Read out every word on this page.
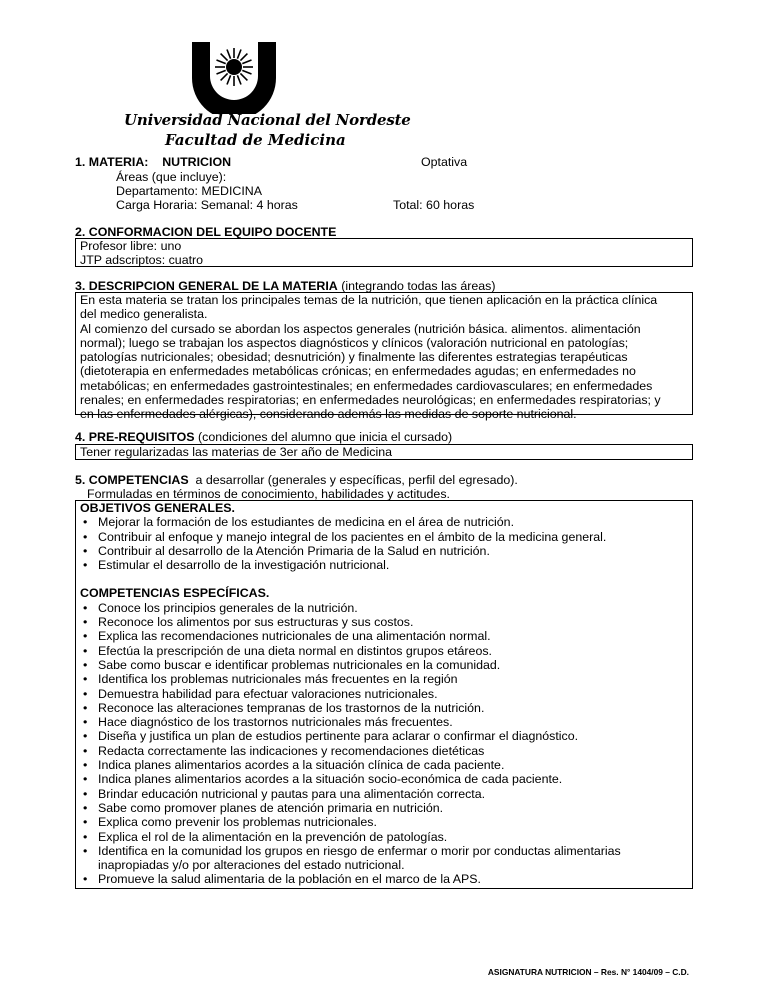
Universidad Nacional del Nordeste
Facultad de Medicina
1. MATERIA:    NUTRICION	Optativa
Áreas (que incluye):
Departamento: MEDICINA
Carga Horaria: Semanal: 4 horas	Total: 60 horas
2. CONFORMACION DEL EQUIPO DOCENTE
Profesor libre: uno
JTP adscriptos: cuatro
3. DESCRIPCION GENERAL DE LA MATERIA (integrando todas las áreas)
En esta materia se tratan los principales temas de la nutrición, que tienen aplicación en la práctica clínica
del medico generalista.
Al comienzo del cursado se abordan los aspectos generales (nutrición básica. alimentos. alimentación
normal); luego se trabajan los aspectos diagnósticos y clínicos (valoración nutricional en patologías;
patologías nutricionales; obesidad; desnutrición) y finalmente las diferentes estrategias terapéuticas
(dietoterapia en enfermedades metabólicas crónicas; en enfermedades agudas; en enfermedades no
metabólicas; en enfermedades gastrointestinales; en enfermedades cardiovasculares; en enfermedades
renales; en enfermedades respiratorias; en enfermedades neurológicas; en enfermedades respiratorias; y
en las enfermedades alérgicas), considerando además las medidas de soporte nutricional.
4. PRE-REQUISITOS (condiciones del alumno que inicia el cursado)
Tener regularizadas las materias de 3er año de Medicina
5. COMPETENCIAS  a desarrollar (generales y específicas, perfil del egresado).
Formuladas en términos de conocimiento, habilidades y actitudes.
OBJETIVOS GENERALES.
• Mejorar la formación de los estudiantes de medicina en el área de nutrición.
• Contribuir al enfoque y manejo integral de los pacientes en el ámbito de la medicina general.
• Contribuir al desarrollo de la Atención Primaria de la Salud en nutrición.
• Estimular el desarrollo de la investigación nutricional.
COMPETENCIAS ESPECÍFICAS.
• Conoce los principios generales de la nutrición.
• Reconoce los alimentos por sus estructuras y sus costos.
• Explica las recomendaciones nutricionales de una alimentación normal.
• Efectúa la prescripción de una dieta normal en distintos grupos etáreos.
• Sabe como buscar e identificar problemas nutricionales en la comunidad.
• Identifica los problemas nutricionales más frecuentes en la región
• Demuestra habilidad para efectuar valoraciones nutricionales.
• Reconoce las alteraciones tempranas de los trastornos de la nutrición.
• Hace diagnóstico de los trastornos nutricionales más frecuentes.
• Diseña y justifica un plan de estudios pertinente para aclarar o confirmar el diagnóstico.
• Redacta correctamente las indicaciones y recomendaciones dietéticas
• Indica planes alimentarios acordes a la situación clínica de cada paciente.
• Indica planes alimentarios acordes a la situación socio-económica de cada paciente.
• Brindar educación nutricional y pautas para una alimentación correcta.
• Sabe como promover planes de atención primaria en nutrición.
• Explica como prevenir los problemas nutricionales.
• Explica el rol de la alimentación en la prevención de patologías.
• Identifica en la comunidad los grupos en riesgo de enfermar o morir por conductas alimentarias inapropiadas y/o por alteraciones del estado nutricional.
• Promueve la salud alimentaria de la población en el marco de la APS.
ASIGNATURA NUTRICION – Res. N° 1404/09 – C.D.
